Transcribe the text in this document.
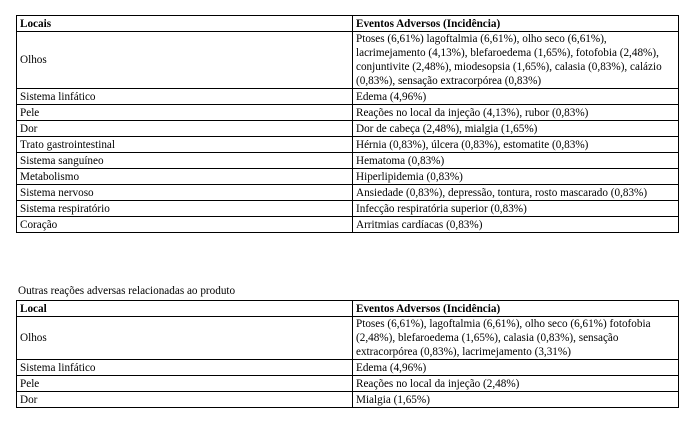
Locais	Eventos Adversos (Incidência)
Olhos	Ptoses (6,61%) lagoftalmia (6,61%), olho seco (6,61%), lacrimejamento (4,13%), blefaroedema (1,65%), fotofobia (2,48%), conjuntivite (2,48%), miodesopsia (1,65%), calasia (0,83%), calázio (0,83%), sensação extracorpórea (0,83%)
Sistema linfático	Edema (4,96%)
Pele	Reações no local da injeção (4,13%), rubor (0,83%)
Dor	Dor de cabeça (2,48%), mialgia (1,65%)
Trato gastrointestinal	Hérnia (0,83%), úlcera (0,83%), estomatite (0,83%)
Sistema sanguíneo	Hematoma (0,83%)
Metabolismo	Hiperlipidemia (0,83%)
Sistema nervoso	Ansiedade (0,83%), depressão, tontura, rosto mascarado (0,83%)
Sistema respiratório	Infecção respiratória superior (0,83%)
Coração	Arritmias cardíacas (0,83%)
Outras reações adversas relacionadas ao produto
Local	Eventos Adversos (Incidência)
Olhos	Ptoses (6,61%), lagoftalmia (6,61%), olho seco (6,61%) fotofobia (2,48%), blefaroedema (1,65%), calasia (0,83%), sensação extracorpórea (0,83%), lacrimejamento (3,31%)
Sistema linfático	Edema (4,96%)
Pele	Reações no local da injeção (2,48%)
Dor	Mialgia (1,65%)
